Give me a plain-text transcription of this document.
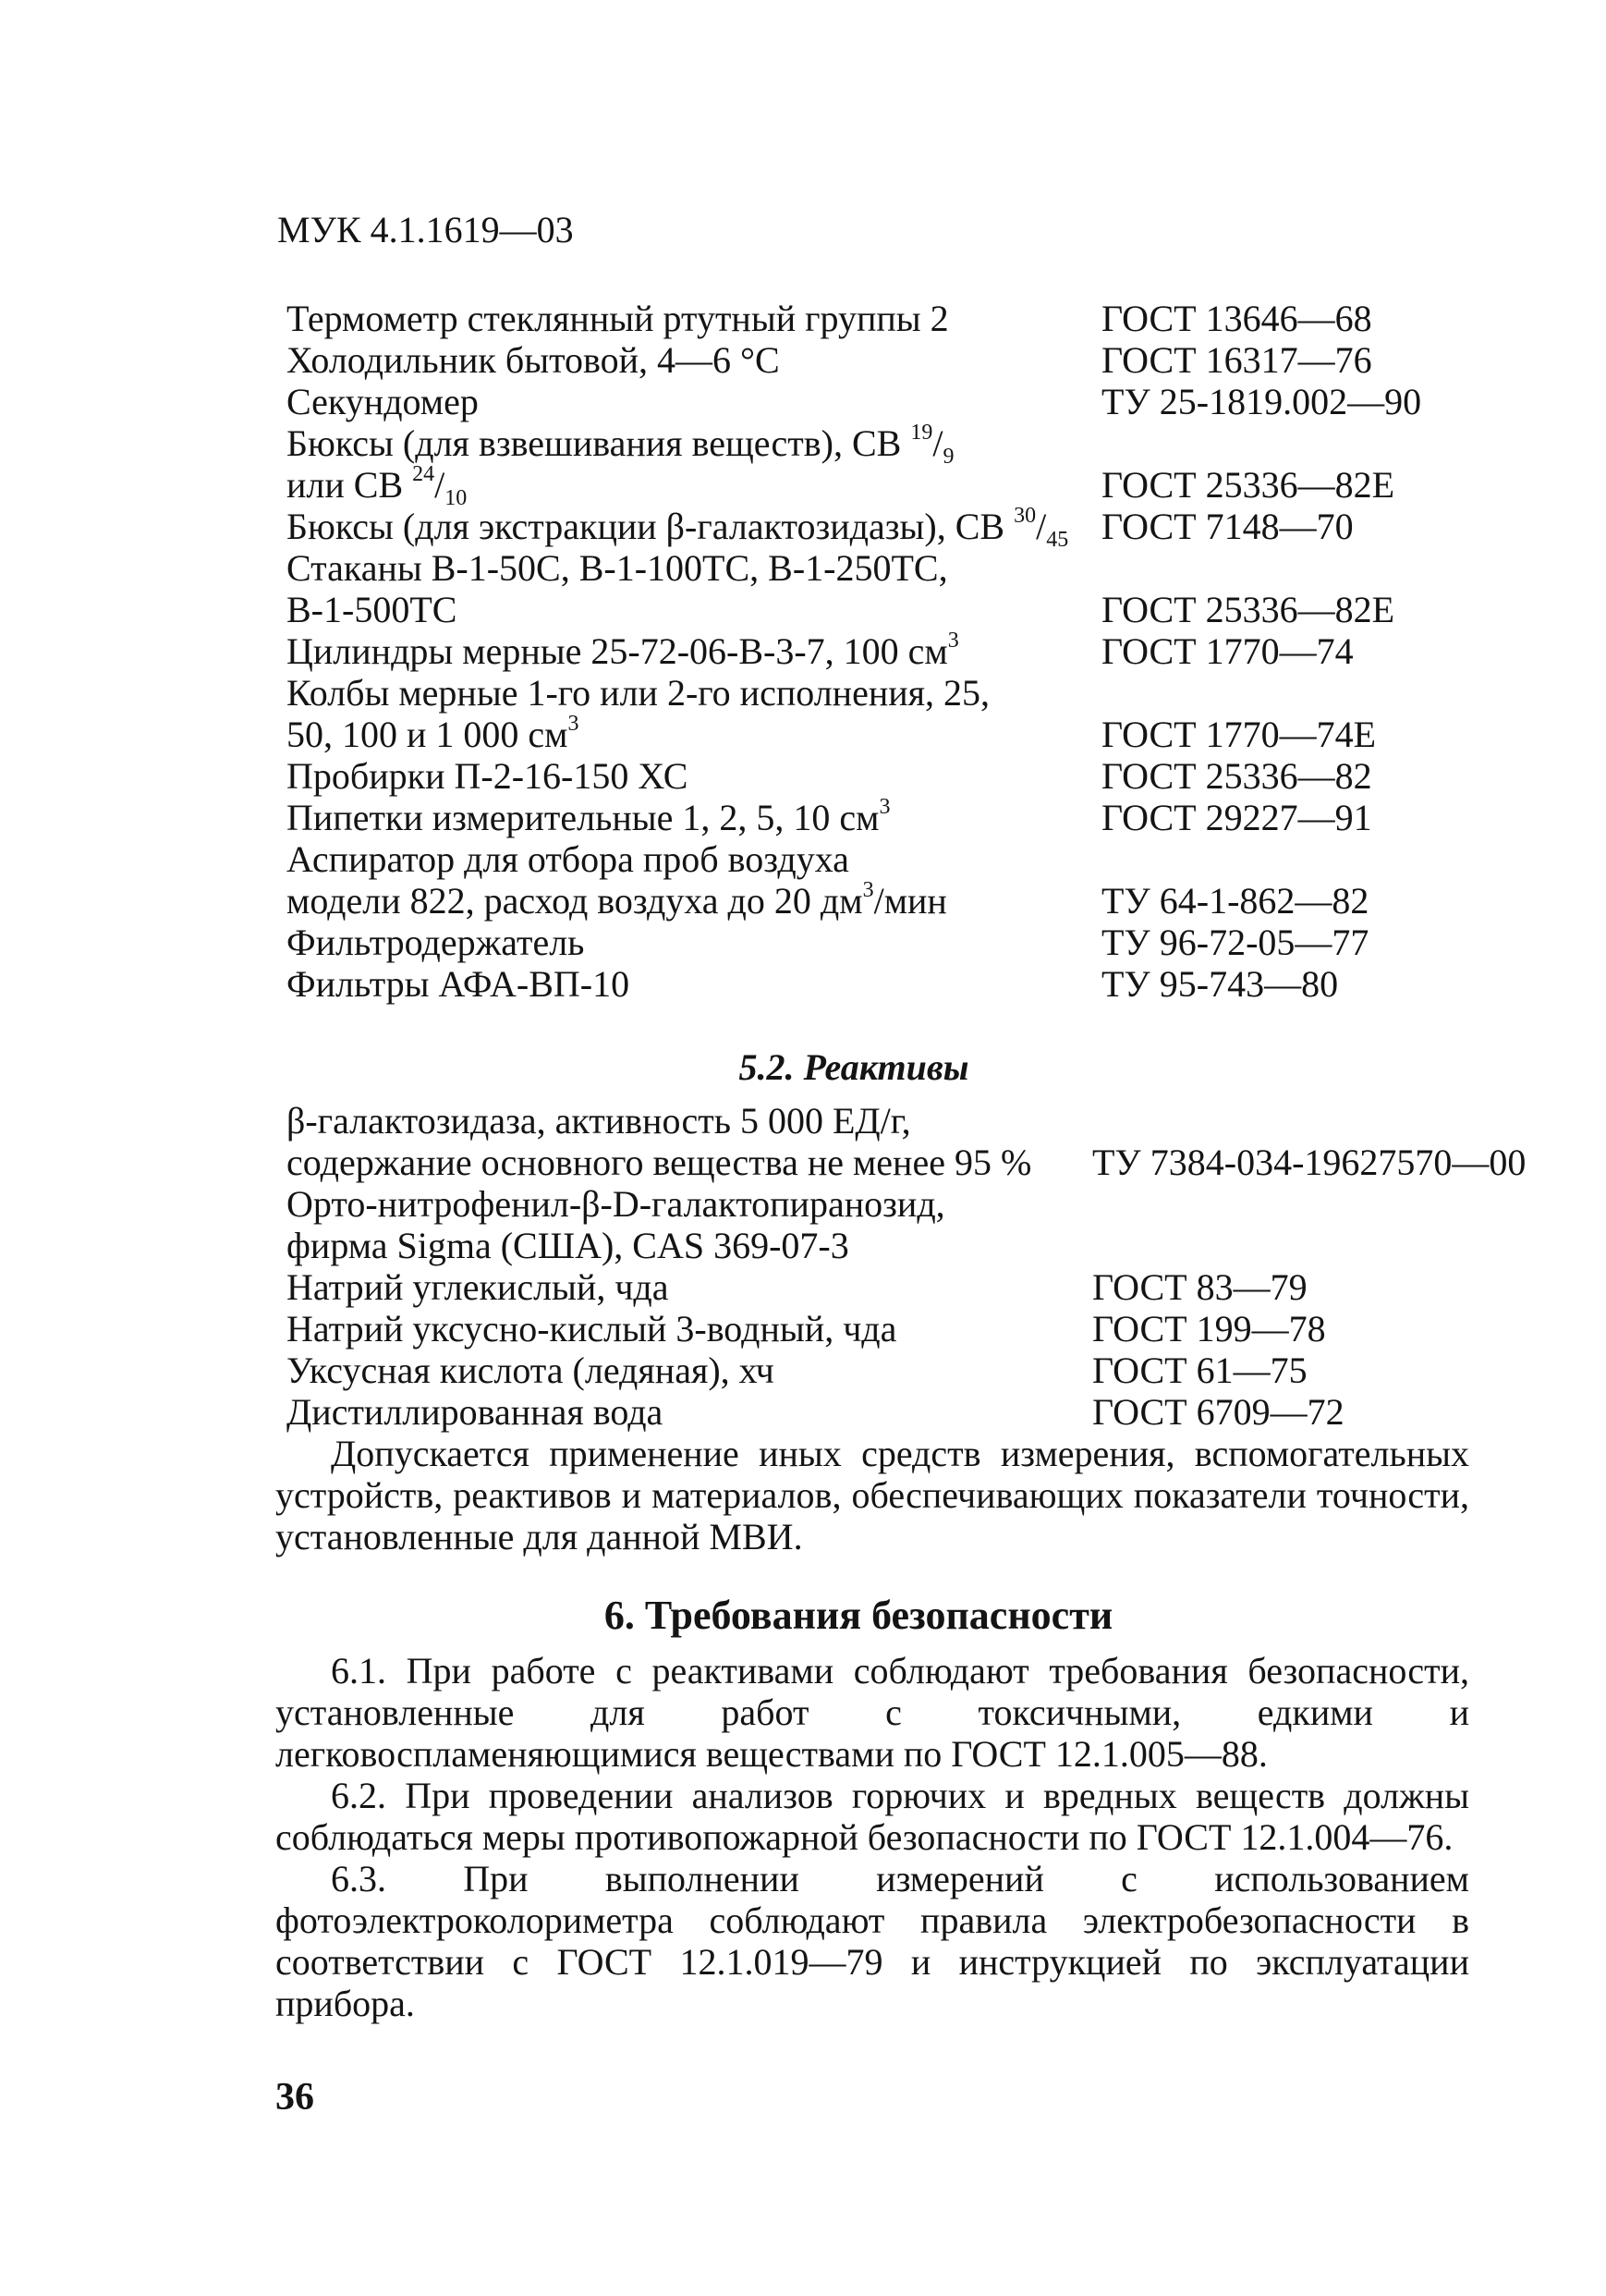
МУК 4.1.1619—03
Термометр стеклянный ртутный группы 2	ГОСТ 13646—68
Холодильник бытовой, 4—6 °С	ГОСТ 16317—76
Секундомер	ТУ 25-1819.002—90
Бюксы (для взвешивания веществ), СВ $^{19}/_9$
или СВ $^{24}/_{10}$	ГОСТ 25336—82Е
Бюксы (для экстракции β-галактозидазы), СВ $^{30}/_{45}$ ГОСТ 7148—70
Стаканы В-1-50С, В-1-100ТС, В-1-250ТС,
В-1-500ТС	ГОСТ 25336—82Е
Цилиндры мерные 25-72-06-В-3-7, 100 $см^3$	ГОСТ 1770—74
Колбы мерные 1-го или 2-го исполнения, 25,
50, 100 и 1 000 $см^3$	ГОСТ 1770—74Е
Пробирки П-2-16-150 ХС	ГОСТ 25336—82
Пипетки измерительные 1, 2, 5, 10 $см^3$	ГОСТ 29227—91
Аспиратор для отбора проб воздуха
модели 822, расход воздуха до 20 $дм^3$/мин	ТУ 64-1-862—82
Фильтродержатель	ТУ 96-72-05—77
Фильтры АФА-ВП-10	ТУ 95-743—80
5.2. Реактивы
β-галактозидаза, активность 5 000 ЕД/г,
содержание основного вещества не менее 95 % ТУ 7384-034-19627570—00
Орто-нитрофенил-β-D-галактопиранозид,
фирма Sigma (США), CAS 369-07-3
Натрий углекислый, чда	ГОСТ 83—79
Натрий уксусно-кислый 3-водный, чда	ГОСТ 199—78
Уксусная кислота (ледяная), хч	ГОСТ 61—75
Дистиллированная вода	ГОСТ 6709—72

Допускается применение иных средств измерения, вспомогательных устройств, реактивов и материалов, обеспечивающих показатели точности, установленные для данной МВИ.

6. Требования безопасности

6.1. При работе с реактивами соблюдают требования безопасности, установленные для работ с токсичными, едкими и легковоспламеняющимися веществами по ГОСТ 12.1.005—88.

6.2. При проведении анализов горючих и вредных веществ должны соблюдаться меры противопожарной безопасности по ГОСТ 12.1.004—76.

6.3. При выполнении измерений с использованием фотоэлектроколориметра соблюдают правила электробезопасности в соответствии с ГОСТ 12.1.019—79 и инструкцией по эксплуатации прибора.

36
